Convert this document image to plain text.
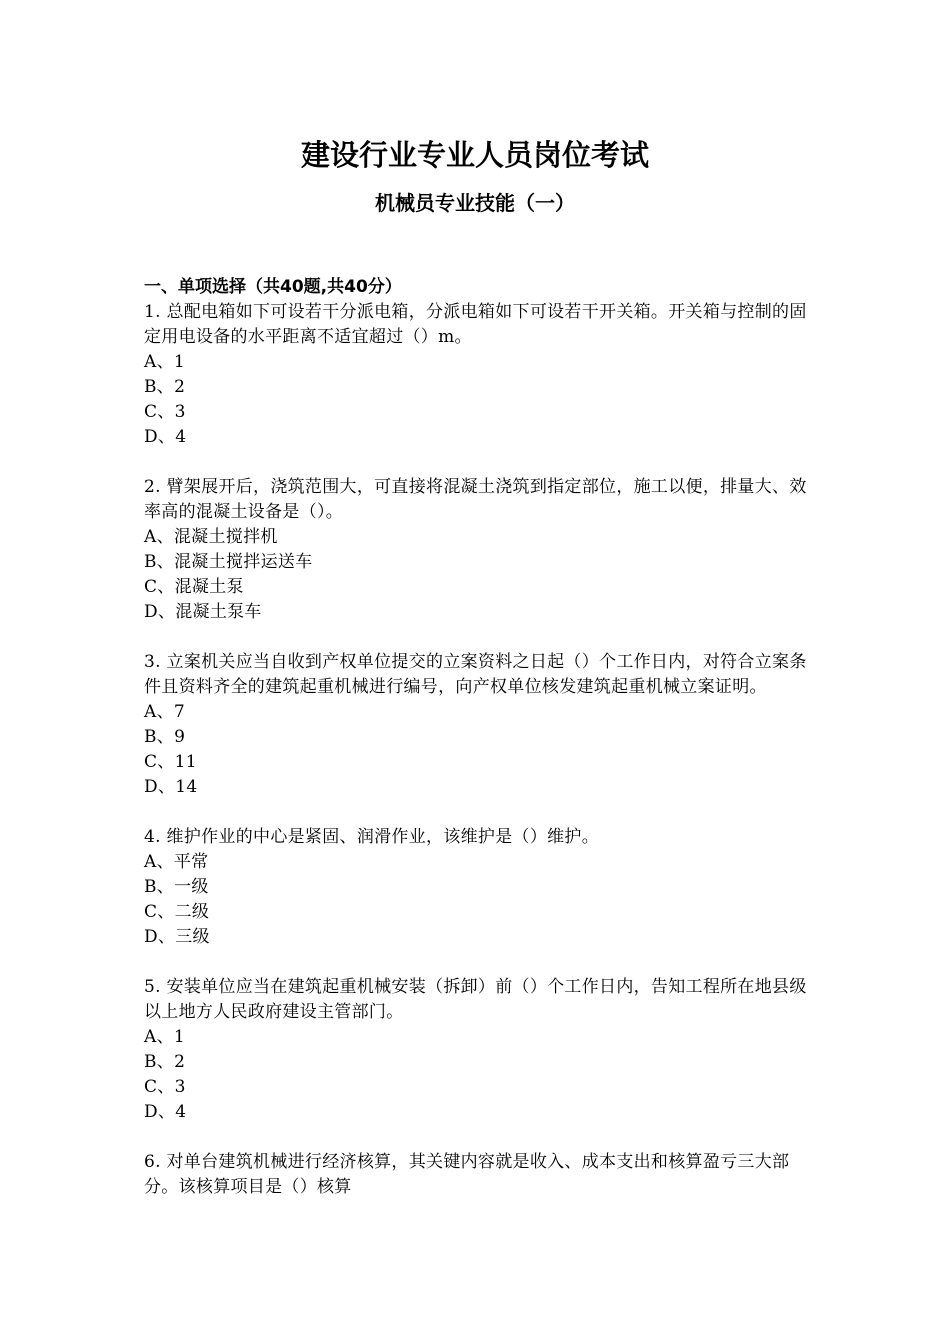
建设行业专业人员岗位考试
机械员专业技能（一）
一、单项选择（共40题,共40分）
1. 总配电箱如下可设若干分派电箱，分派电箱如下可设若干开关箱。开关箱与控制的固定用电设备的水平距离不适宜超过（）m。
A、1
B、2
C、3
D、4
2. 臂架展开后，浇筑范围大，可直接将混凝土浇筑到指定部位，施工以便，排量大、效率高的混凝土设备是（）。
A、混凝土搅拌机
B、混凝土搅拌运送车
C、混凝土泵
D、混凝土泵车
3. 立案机关应当自收到产权单位提交的立案资料之日起（）个工作日内，对符合立案条件且资料齐全的建筑起重机械进行编号，向产权单位核发建筑起重机械立案证明。
A、7
B、9
C、11
D、14
4. 维护作业的中心是紧固、润滑作业，该维护是（）维护。
A、平常
B、一级
C、二级
D、三级
5. 安装单位应当在建筑起重机械安装（拆卸）前（）个工作日内，告知工程所在地县级以上地方人民政府建设主管部门。
A、1
B、2
C、3
D、4
6. 对单台建筑机械进行经济核算，其关键内容就是收入、成本支出和核算盈亏三大部分。该核算项目是（）核算
